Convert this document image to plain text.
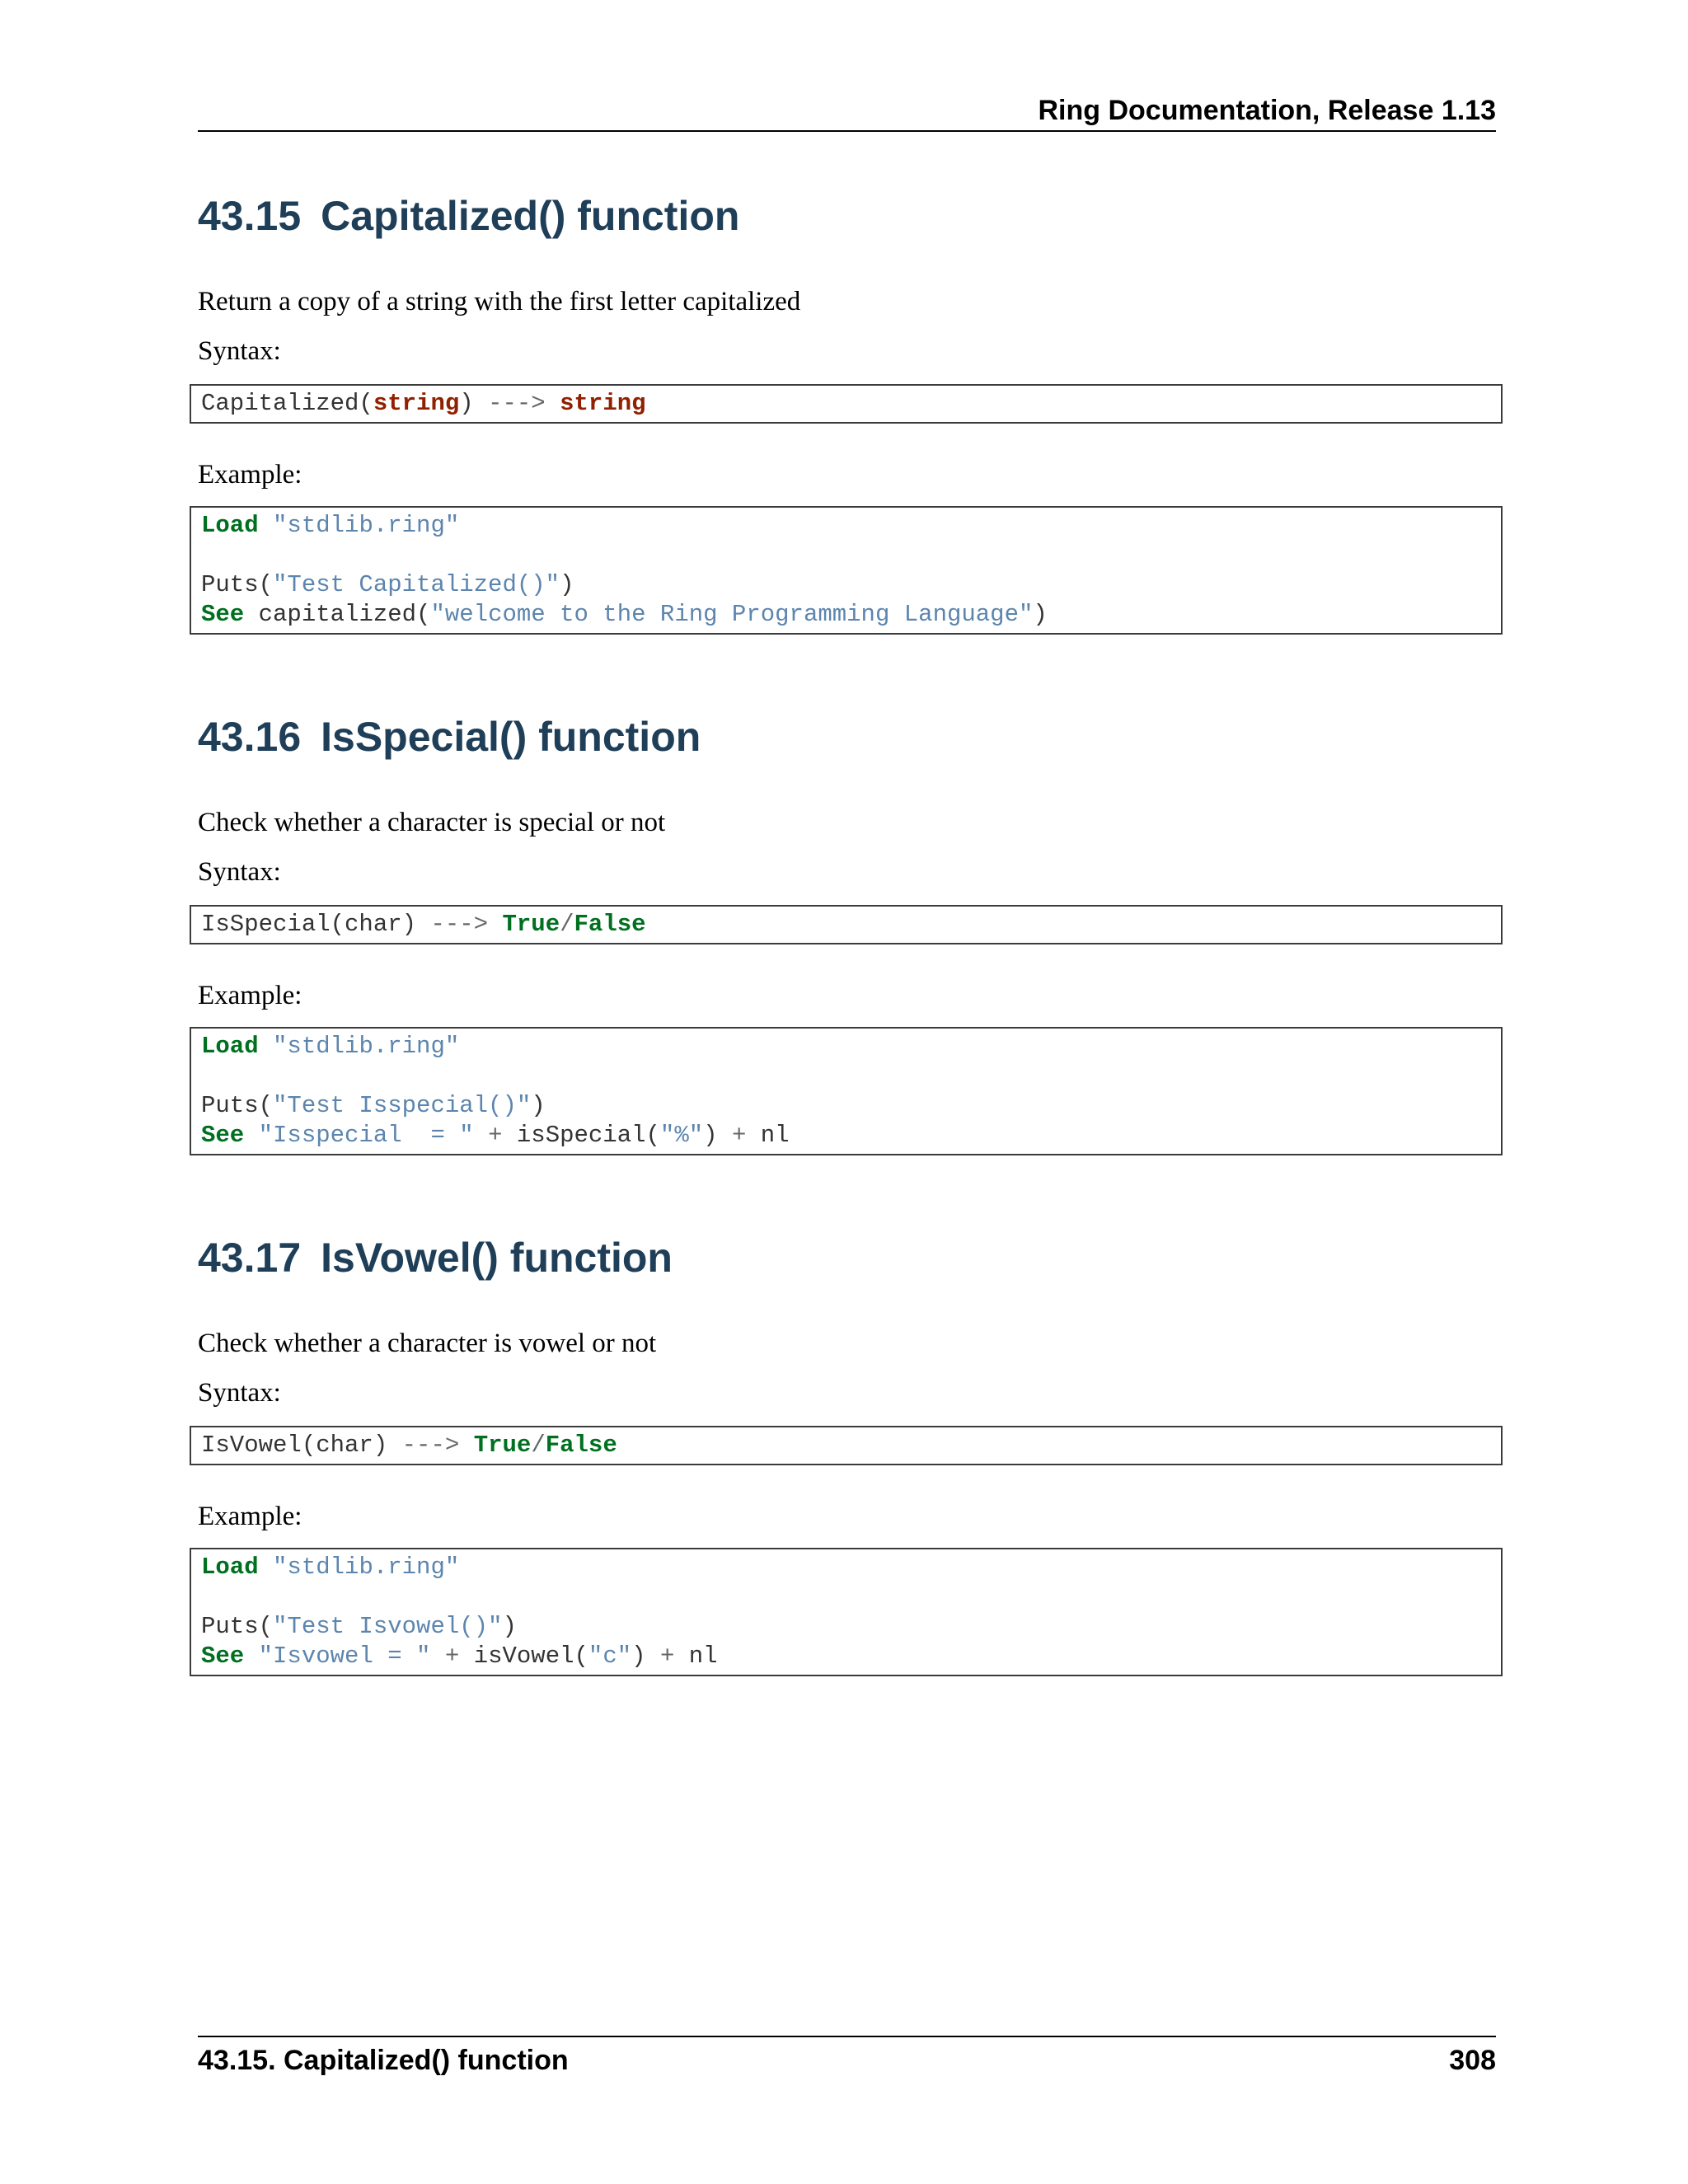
Ring Documentation, Release 1.13
43.15 Capitalized() function

Return a copy of a string with the first letter capitalized

Syntax:

Capitalized(string) ---> string

Example:

Load "stdlib.ring"
Puts("Test Capitalized()")
See capitalized("welcome to the Ring Programming Language")
43.16 IsSpecial() function

Check whether a character is special or not

Syntax:

IsSpecial(char) ---> True/False

Example:

Load "stdlib.ring"
Puts("Test Isspecial()")
See "Isspecial  = " + isSpecial("%") + nl
43.17 IsVowel() function

Check whether a character is vowel or not

Syntax:

IsVowel(char) ---> True/False

Example:

Load "stdlib.ring"
Puts("Test Isvowel()")
See "Isvowel = " + isVowel("c") + nl
43.15. Capitalized() function	308
